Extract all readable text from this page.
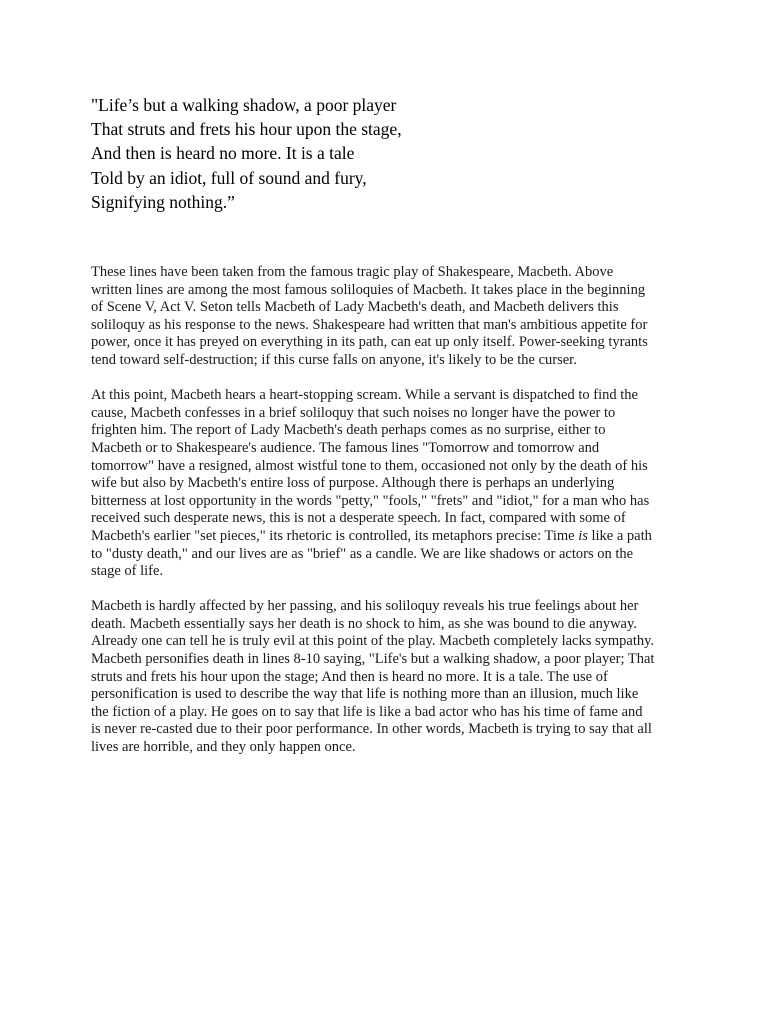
"Life’s but a walking shadow, a poor player
That struts and frets his hour upon the stage,
And then is heard no more. It is a tale
Told by an idiot, full of sound and fury,
Signifying nothing.”

These lines have been taken from the famous tragic play of Shakespeare, Macbeth. Above
written lines are among the most famous soliloquies of Macbeth. It takes place in the beginning
of Scene V, Act V. Seton tells Macbeth of Lady Macbeth's death, and Macbeth delivers this
soliloquy as his response to the news. Shakespeare had written that man's ambitious appetite for
power, once it has preyed on everything in its path, can eat up only itself. Power-seeking tyrants
tend toward self-destruction; if this curse falls on anyone, it's likely to be the curser.

At this point, Macbeth hears a heart-stopping scream. While a servant is dispatched to find the
cause, Macbeth confesses in a brief soliloquy that such noises no longer have the power to
frighten him. The report of Lady Macbeth's death perhaps comes as no surprise, either to
Macbeth or to Shakespeare's audience. The famous lines "Tomorrow and tomorrow and
tomorrow" have a resigned, almost wistful tone to them, occasioned not only by the death of his
wife but also by Macbeth's entire loss of purpose. Although there is perhaps an underlying
bitterness at lost opportunity in the words "petty," "fools," "frets" and "idiot," for a man who has
received such desperate news, this is not a desperate speech. In fact, compared with some of
Macbeth's earlier "set pieces," its rhetoric is controlled, its metaphors precise: Time is like a path
to "dusty death," and our lives are as "brief" as a candle. We are like shadows or actors on the
stage of life.

Macbeth is hardly affected by her passing, and his soliloquy reveals his true feelings about her
death. Macbeth essentially says her death is no shock to him, as she was bound to die anyway.
Already one can tell he is truly evil at this point of the play. Macbeth completely lacks sympathy.
Macbeth personifies death in lines 8-10 saying, "Life's but a walking shadow, a poor player; That
struts and frets his hour upon the stage; And then is heard no more. It is a tale. The use of
personification is used to describe the way that life is nothing more than an illusion, much like
the fiction of a play. He goes on to say that life is like a bad actor who has his time of fame and
is never re-casted due to their poor performance. In other words, Macbeth is trying to say that all
lives are horrible, and they only happen once.
